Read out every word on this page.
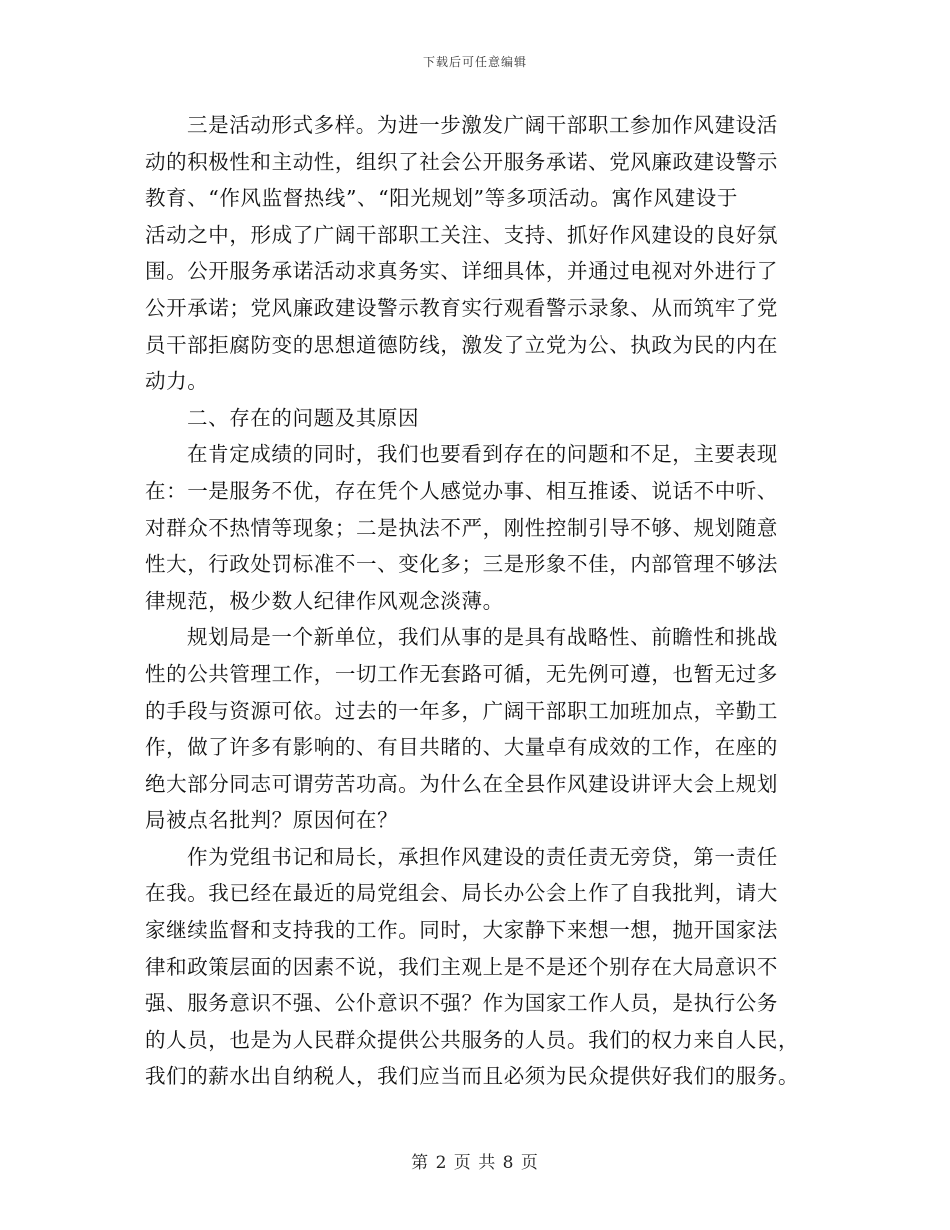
下载后可任意编辑
三是活动形式多样。为进一步激发广阔干部职工参加作风建设活
动的积极性和主动性，组织了社会公开服务承诺、党风廉政建设警示
教育、“作风监督热线”、“阳光规划”等多项活动。寓作风建设于
活动之中，形成了广阔干部职工关注、支持、抓好作风建设的良好氛
围。公开服务承诺活动求真务实、详细具体，并通过电视对外进行了
公开承诺；党风廉政建设警示教育实行观看警示录象、从而筑牢了党
员干部拒腐防变的思想道德防线，激发了立党为公、执政为民的内在
动力。
二、存在的问题及其原因
在肯定成绩的同时，我们也要看到存在的问题和不足，主要表现
在：一是服务不优，存在凭个人感觉办事、相互推诿、说话不中听、
对群众不热情等现象；二是执法不严，刚性控制引导不够、规划随意
性大，行政处罚标准不一、变化多；三是形象不佳，内部管理不够法
律规范，极少数人纪律作风观念淡薄。
规划局是一个新单位，我们从事的是具有战略性、前瞻性和挑战
性的公共管理工作，一切工作无套路可循，无先例可遵，也暂无过多
的手段与资源可依。过去的一年多，广阔干部职工加班加点，辛勤工
作，做了许多有影响的、有目共睹的、大量卓有成效的工作，在座的
绝大部分同志可谓劳苦功高。为什么在全县作风建设讲评大会上规划
局被点名批判？原因何在？
作为党组书记和局长，承担作风建设的责任责无旁贷，第一责任
在我。我已经在最近的局党组会、局长办公会上作了自我批判，请大
家继续监督和支持我的工作。同时，大家静下来想一想，抛开国家法
律和政策层面的因素不说，我们主观上是不是还个别存在大局意识不
强、服务意识不强、公仆意识不强？作为国家工作人员，是执行公务
的人员，也是为人民群众提供公共服务的人员。我们的权力来自人民，
我们的薪水出自纳税人，我们应当而且必须为民众提供好我们的服务。
第 2 页 共 8 页
